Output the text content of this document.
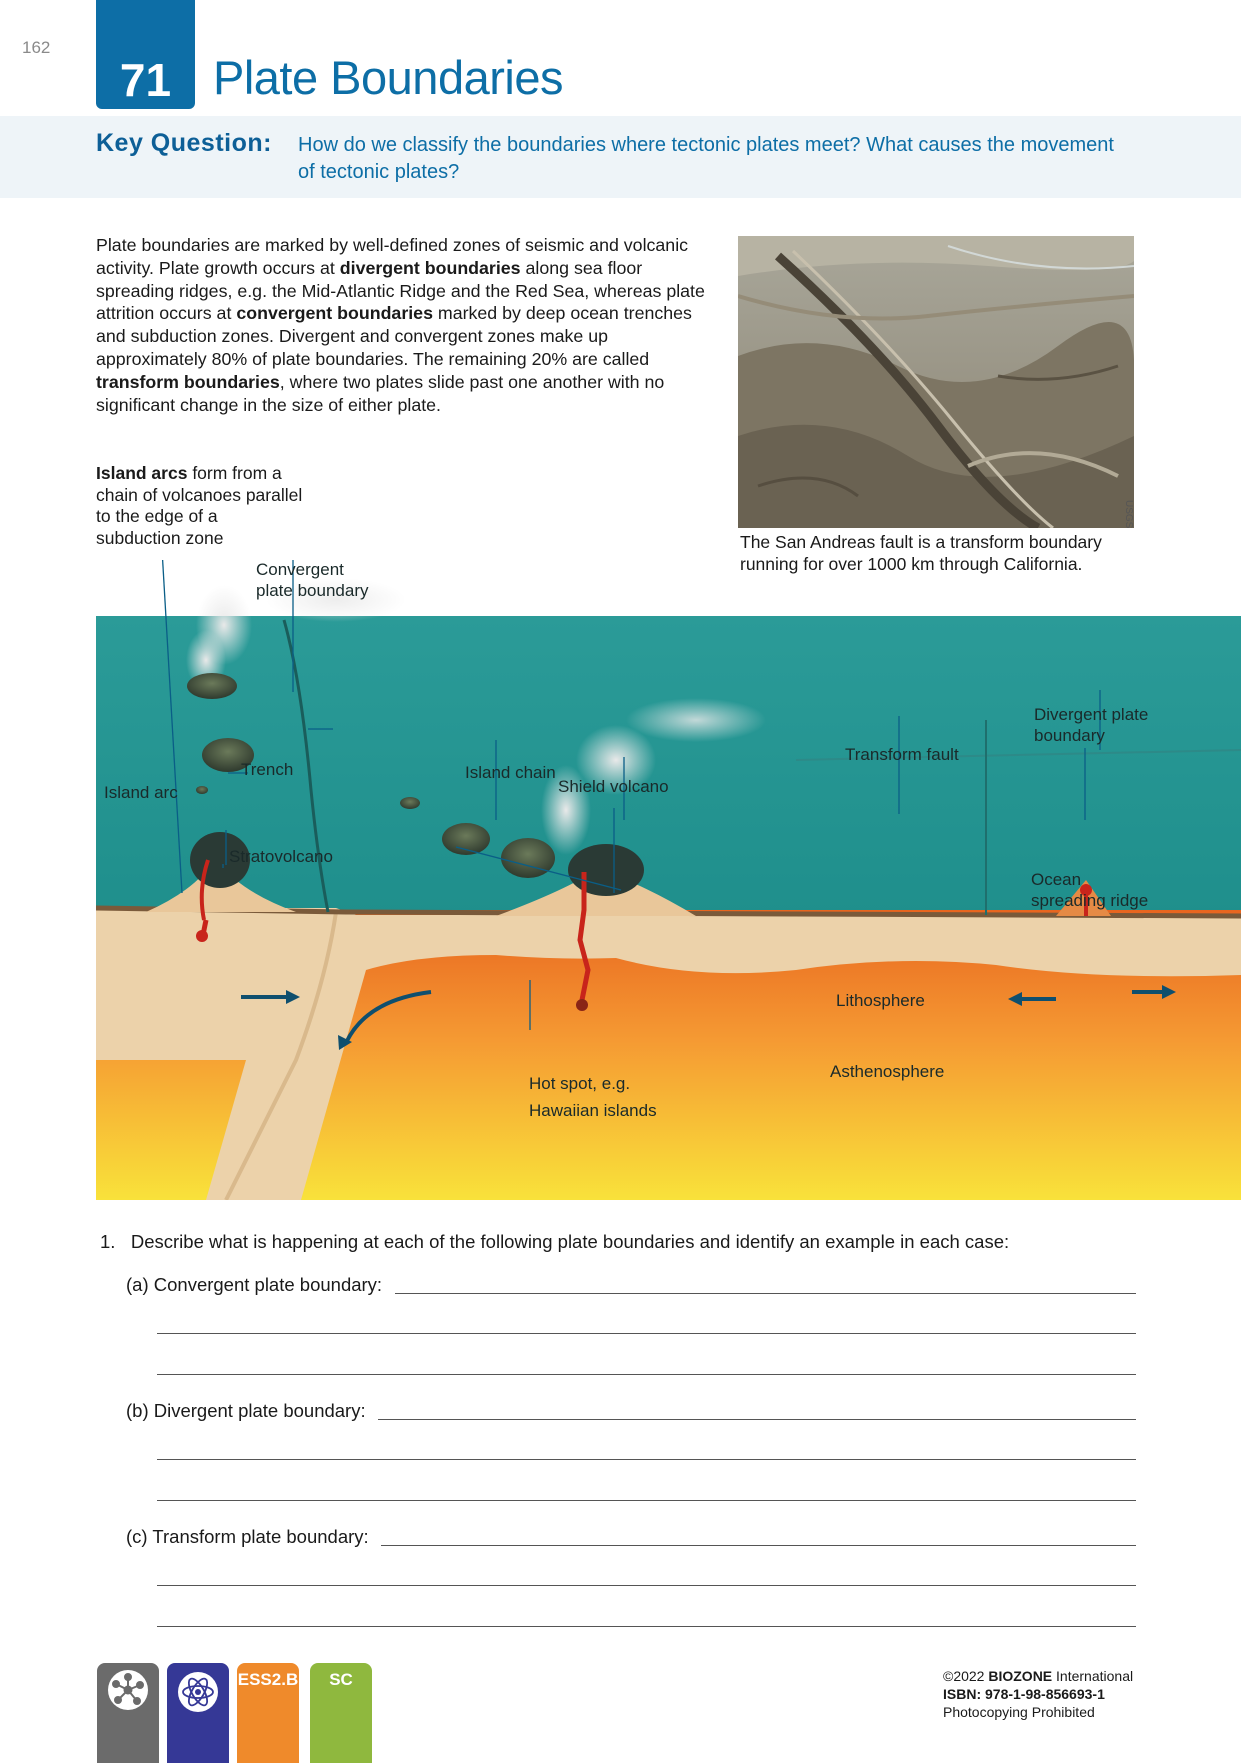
162
71 Plate Boundaries
Key Question: How do we classify the boundaries where tectonic plates meet? What causes the movement of tectonic plates?
Plate boundaries are marked by well-defined zones of seismic and volcanic activity. Plate growth occurs at divergent boundaries along sea floor spreading ridges, e.g. the Mid-Atlantic Ridge and the Red Sea, whereas plate attrition occurs at convergent boundaries marked by deep ocean trenches and subduction zones. Divergent and convergent zones make up approximately 80% of plate boundaries. The remaining 20% are called transform boundaries, where two plates slide past one another with no significant change in the size of either plate.
USGS
The San Andreas fault is a transform boundary running for over 1000 km through California.
Island arcs form from a chain of volcanoes parallel to the edge of a subduction zone
Convergent
plate boundary
Island arc
Trench
Stratovolcano
Island chain
Shield volcano
Transform fault
Divergent plate
boundary
Ocean
spreading ridge
Lithosphere
Asthenosphere
Hot spot, e.g.
Hawaiian islands
1. Describe what is happening at each of the following plate boundaries and identify an example in each case:
(a) Convergent plate boundary:
(b) Divergent plate boundary:
(c) Transform plate boundary:
ESS2.B	SC	©2022 BIOZONE International
ISBN: 978-1-98-856693-1
Photocopying Prohibited
